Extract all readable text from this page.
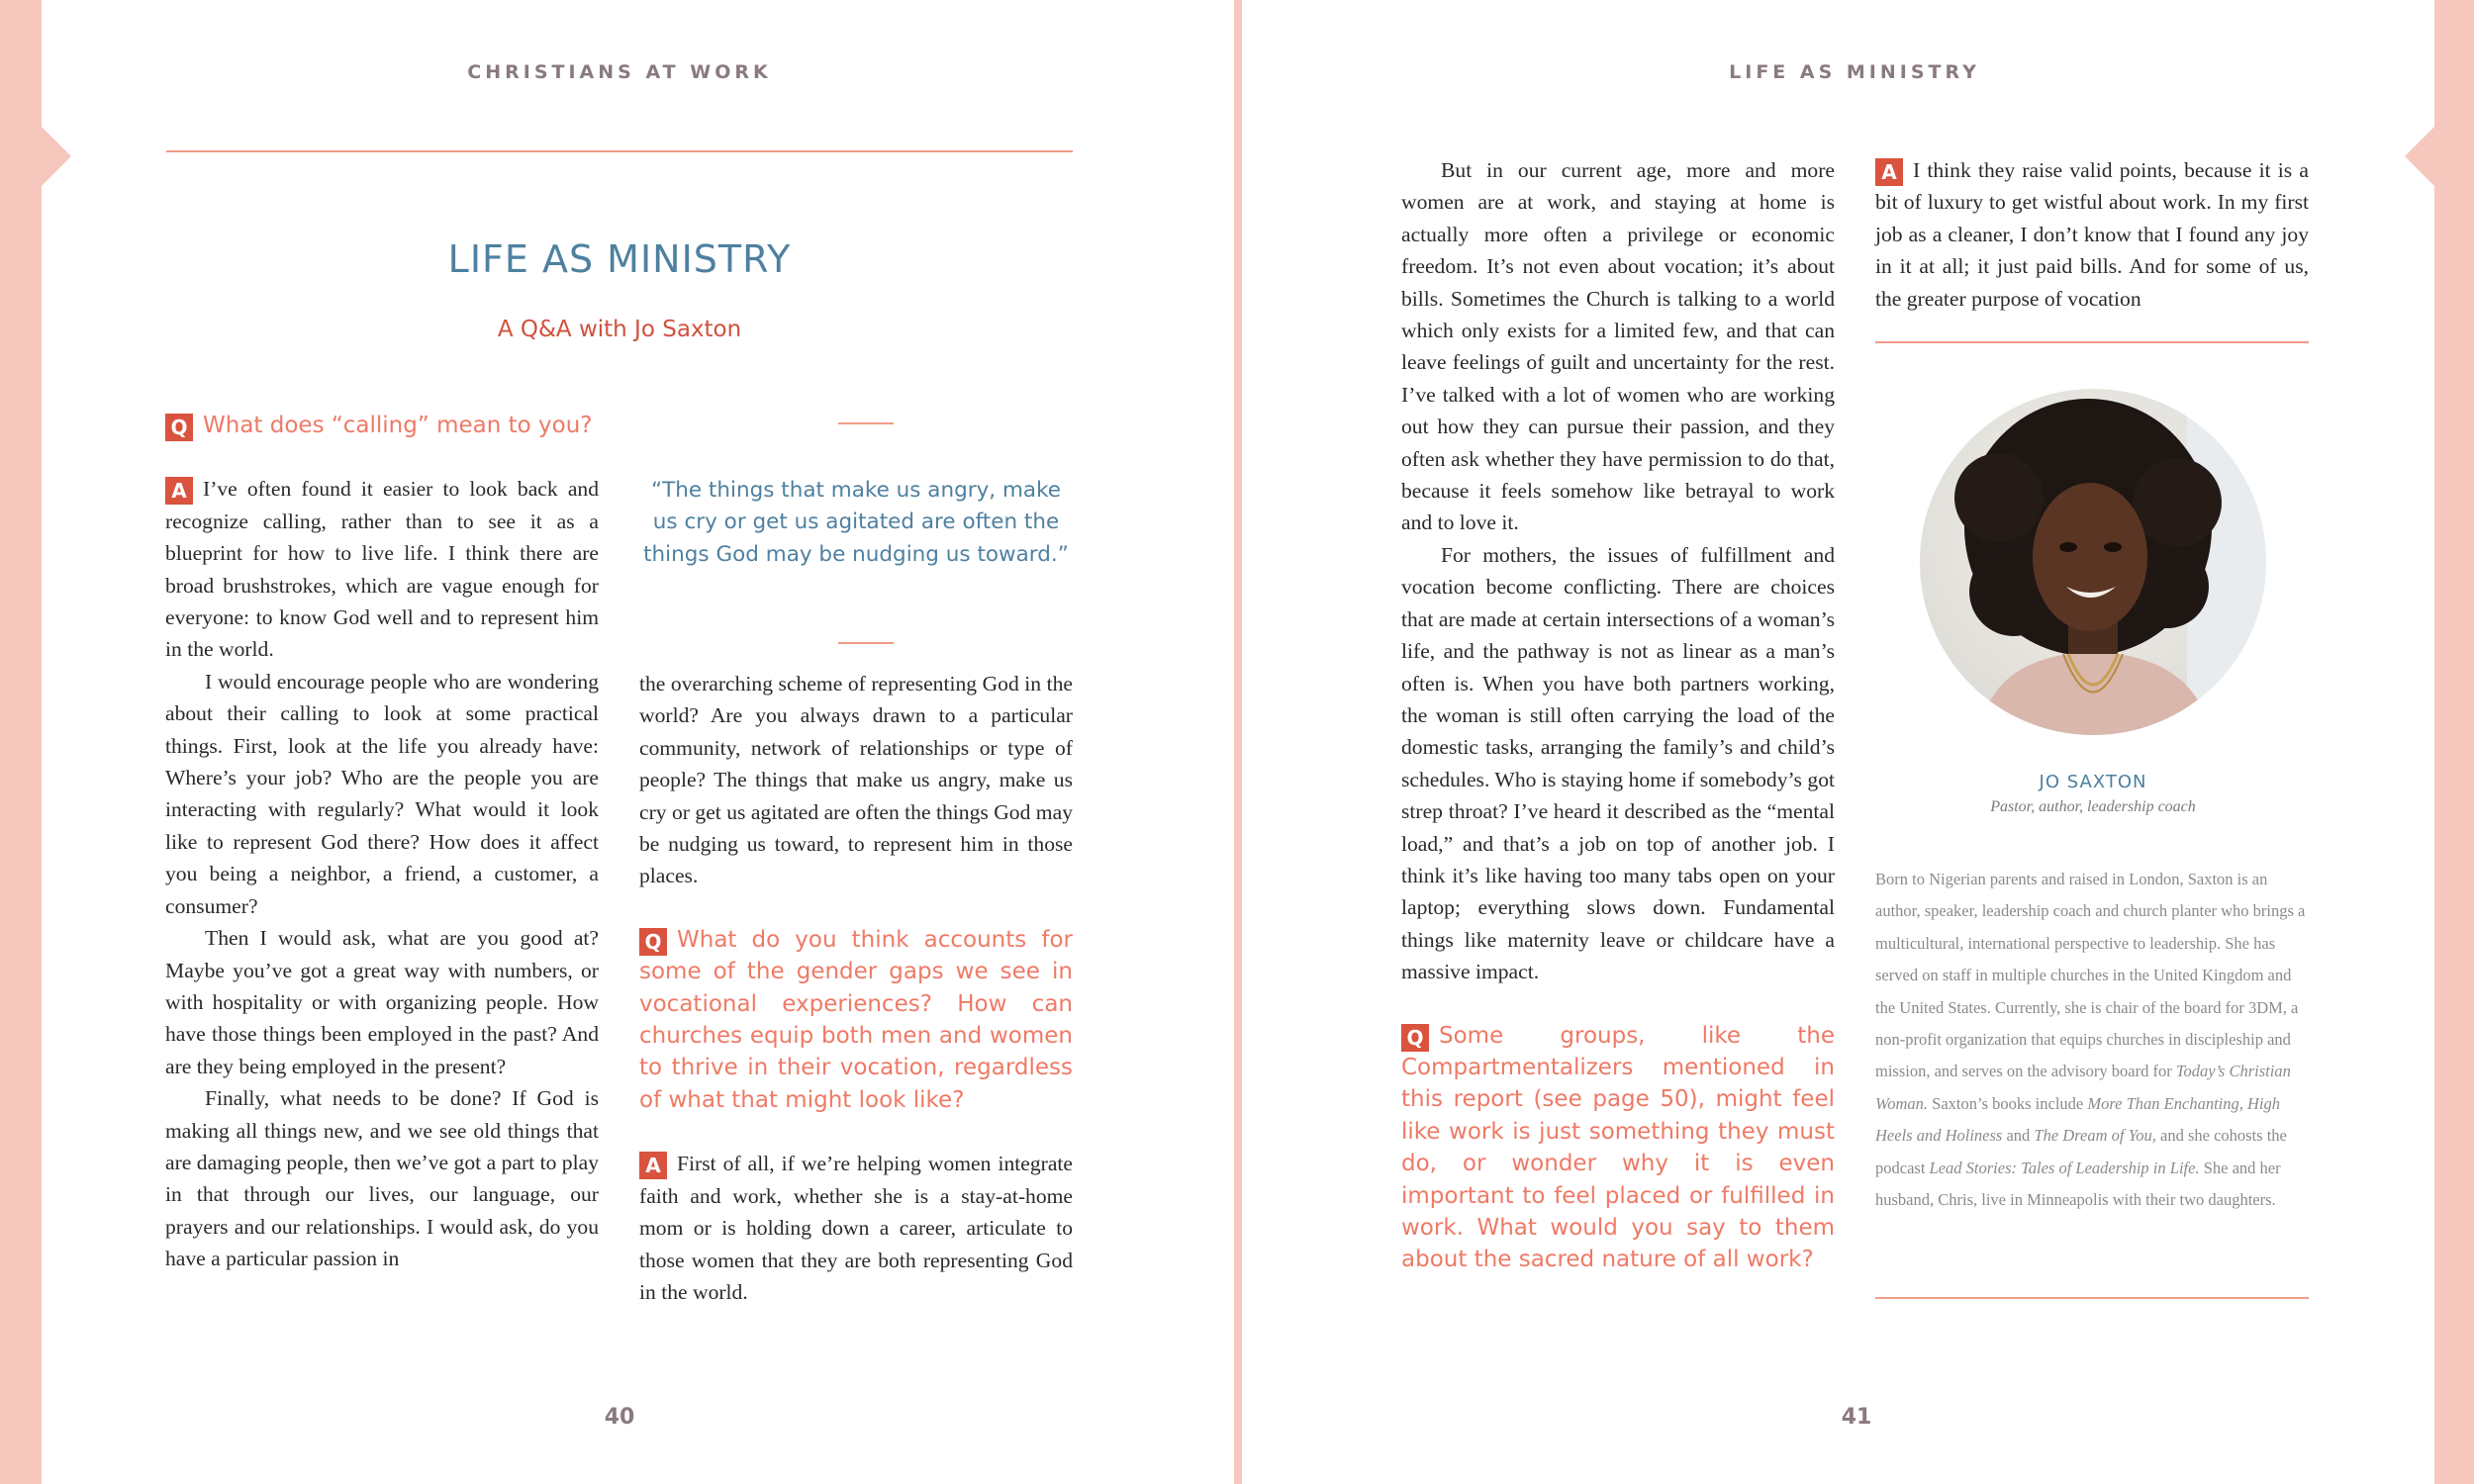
CHRISTIANS AT WORK
LIFE AS MINISTRY
A Q&A with Jo Saxton
Q What does “calling” mean to you?

A I’ve often found it easier to look back and recognize calling, rather than to see it as a blueprint for how to live life. I think there are broad brushstrokes, which are vague enough for everyone: to know God well and to represent him in the world.

I would encourage people who are wondering about their calling to look at some practical things. First, look at the life you already have: Where’s your job? Who are the people you are interacting with regularly? What would it look like to represent God there? How does it affect you being a neighbor, a friend, a customer, a consumer?

Then I would ask, what are you good at? Maybe you’ve got a great way with numbers, or with hospitality or with organizing people. How have those things been employed in the past? And are they being employed in the present?

Finally, what needs to be done? If God is making all things new, and we see old things that are damaging people, then we’ve got a part to play in that through our lives, our language, our prayers and our relationships. I would ask, do you have a particular passion in

“The things that make us angry, make us cry or get us agitated are often the things God may be nudging us toward.”

the overarching scheme of representing God in the world? Are you always drawn to a particular community, network of relationships or type of people? The things that make us angry, make us cry or get us agitated are often the things God may be nudging us toward, to represent him in those places.

Q What do you think accounts for some of the gender gaps we see in vocational experiences? How can churches equip both men and women to thrive in their vocation, regardless of what that might look like?

A First of all, if we’re helping women integrate faith and work, whether she is a stay-at-home mom or is holding down a career, articulate to those women that they are both representing God in the world.

40
LIFE AS MINISTRY

But in our current age, more and more women are at work, and staying at home is actually more often a privilege or economic freedom. It’s not even about vocation; it’s about bills. Sometimes the Church is talking to a world which only exists for a limited few, and that can leave feelings of guilt and uncertainty for the rest. I’ve talked with a lot of women who are working out how they can pursue their passion, and they often ask whether they have permission to do that, because it feels somehow like betrayal to work and to love it.

For mothers, the issues of fulfillment and vocation become conflicting. There are choices that are made at certain intersections of a woman’s life, and the pathway is not as linear as a man’s often is. When you have both partners working, the woman is still often carrying the load of the domestic tasks, arranging the family’s and child’s schedules. Who is staying home if somebody’s got strep throat? I’ve heard it described as the “mental load,” and that’s a job on top of another job. I think it’s like having too many tabs open on your laptop; everything slows down. Fundamental things like maternity leave or childcare have a massive impact.

Q Some groups, like the Compartmentalizers mentioned in this report (see page 50), might feel like work is just something they must do, or wonder why it is even important to feel placed or fulfilled in work. What would you say to them about the sacred nature of all work?

A I think they raise valid points, because it is a bit of luxury to get wistful about work. In my first job as a cleaner, I don’t know that I found any joy in it at all; it just paid bills. And for some of us, the greater purpose of vocation

JO SAXTON
Pastor, author, leadership coach
Born to Nigerian parents and raised in London, Saxton is an author, speaker, leadership coach and church planter who brings a multicultural, international perspective to leadership. She has served on staff in multiple churches in the United Kingdom and the United States. Currently, she is chair of the board for 3DM, a non-profit organization that equips churches in discipleship and mission, and serves on the advisory board for Today’s Christian Woman. Saxton’s books include More Than Enchanting, High Heels and Holiness and The Dream of You, and she cohosts the podcast Lead Stories: Tales of Leadership in Life. She and her husband, Chris, live in Minneapolis with their two daughters.
41
